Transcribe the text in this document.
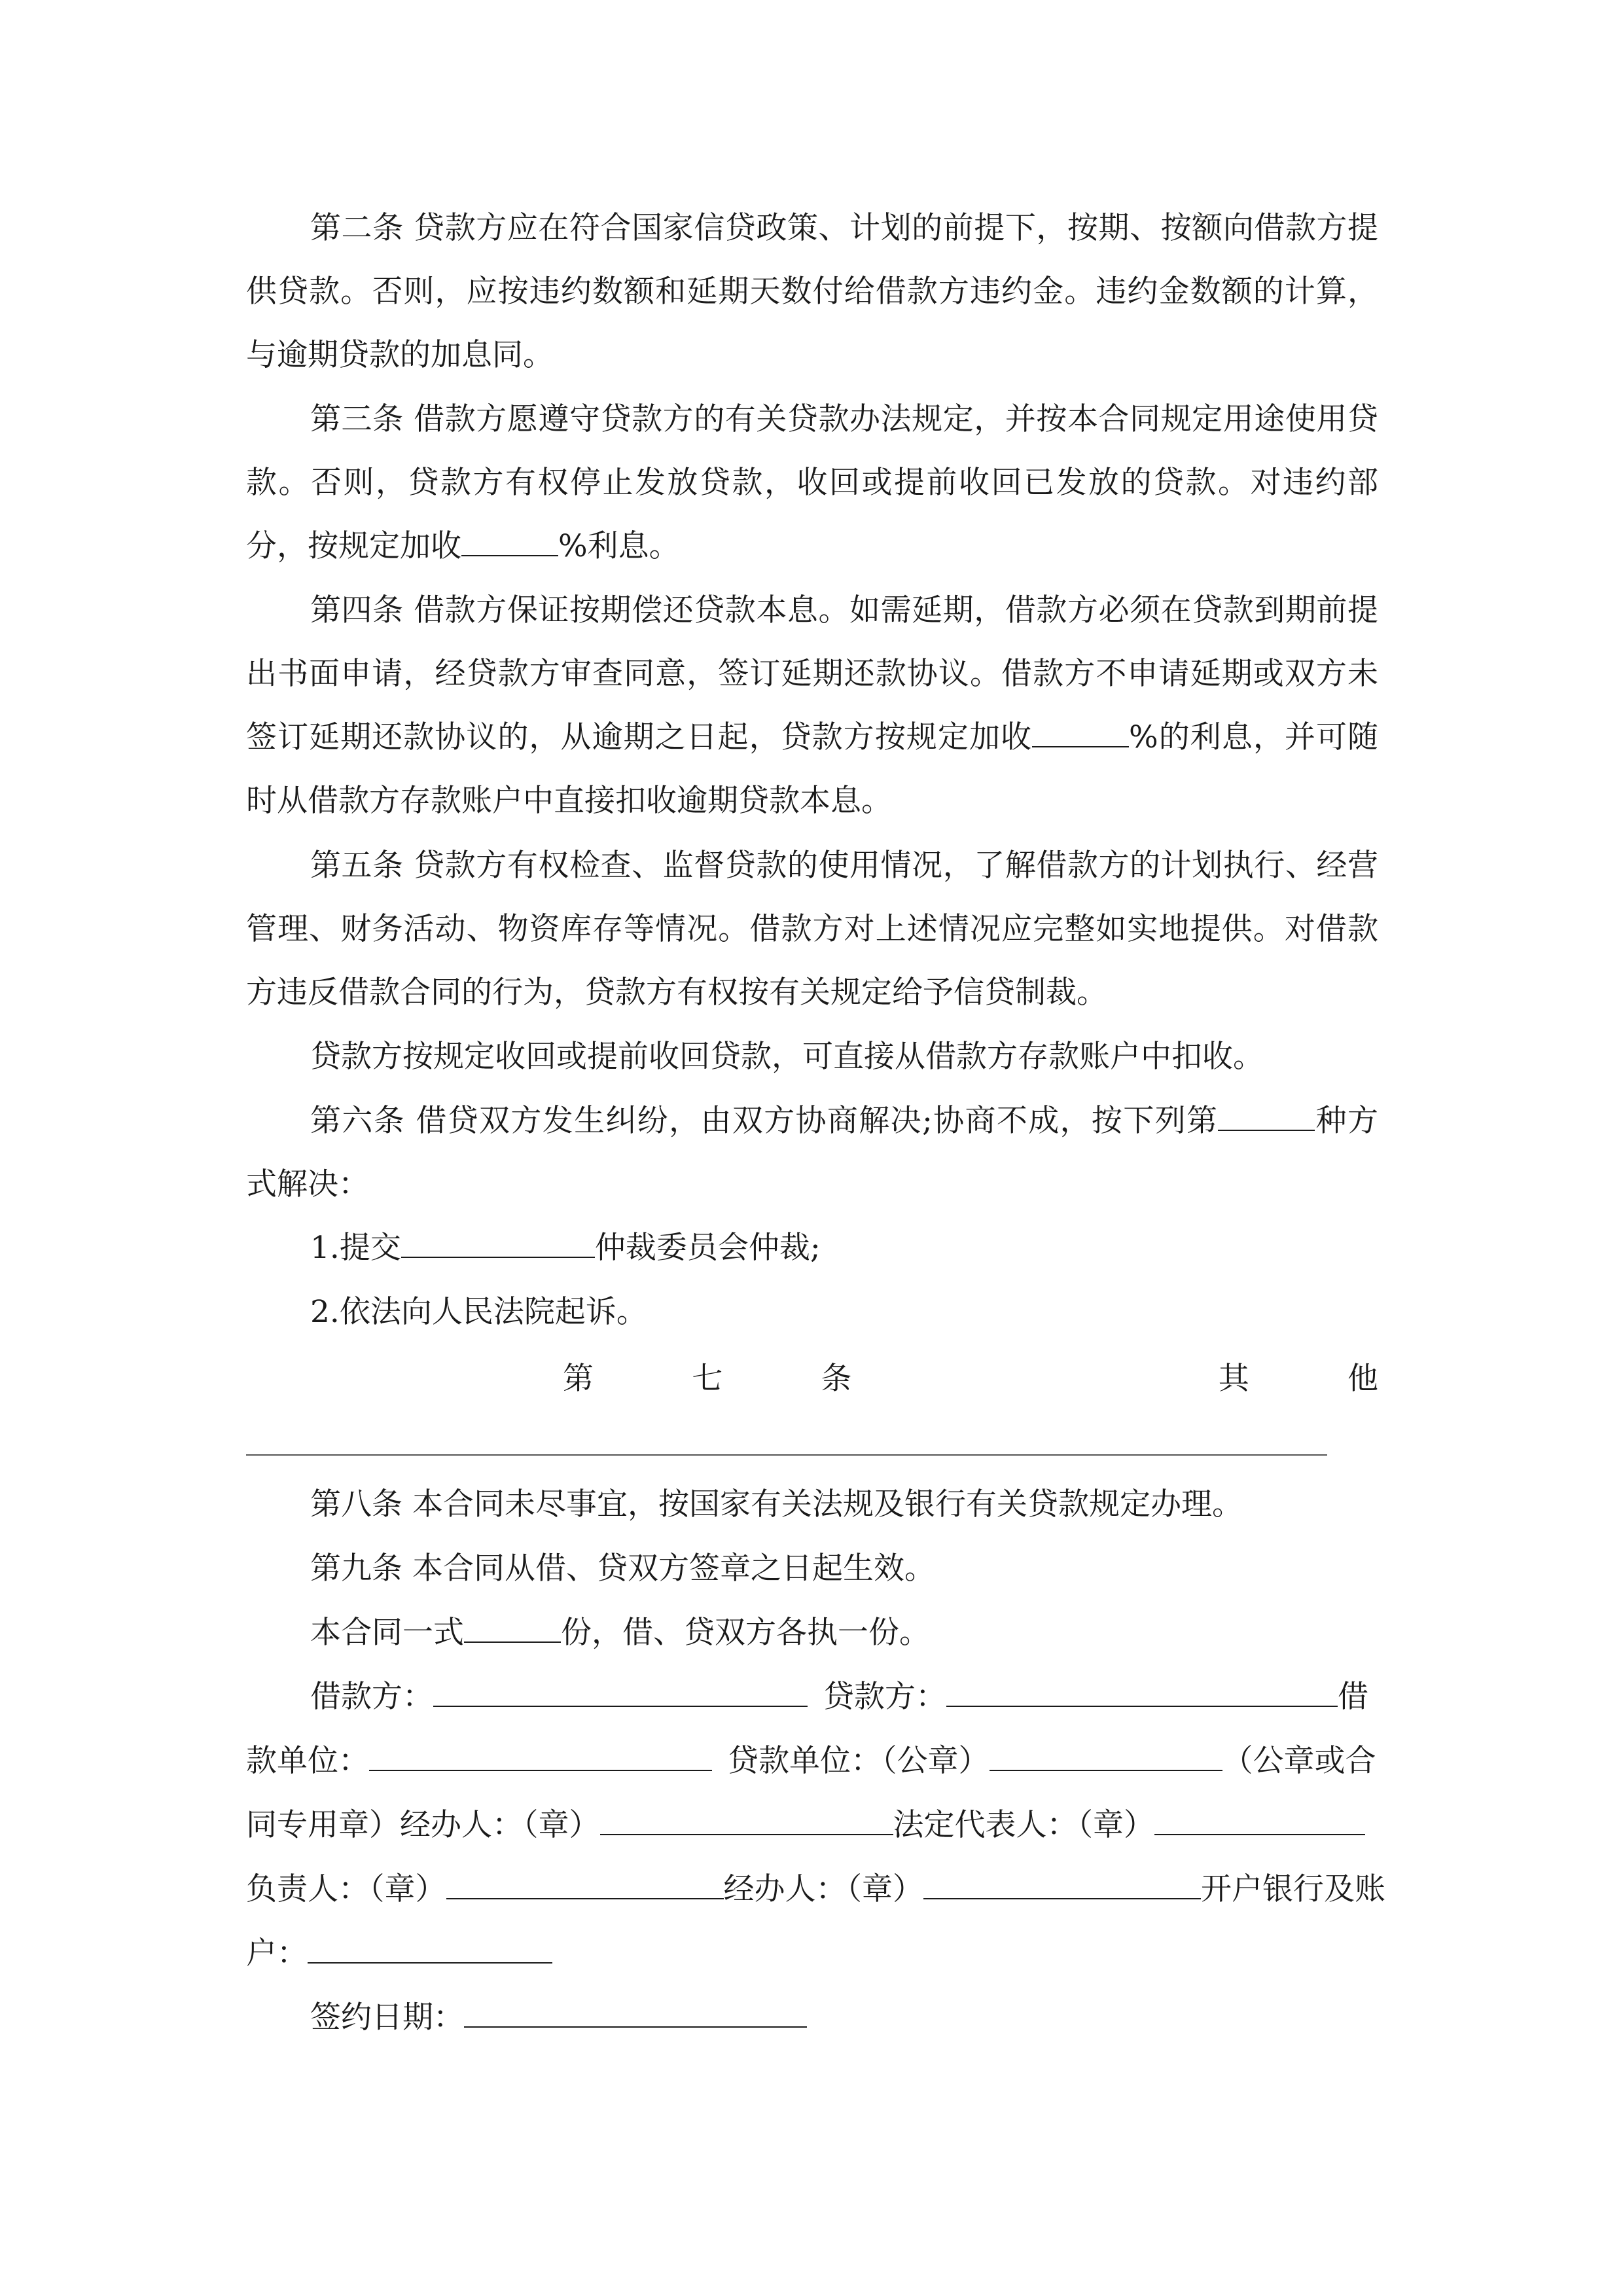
第二条 贷款方应在符合国家信贷政策、计划的前提下，按期、按额向借款方提供贷款。否则，应按违约数额和延期天数付给借款方违约金。违约金数额的计算，与逾期贷款的加息同。

第三条 借款方愿遵守贷款方的有关贷款办法规定，并按本合同规定用途使用贷款。否则，贷款方有权停止发放贷款，收回或提前收回已发放的贷款。对违约部分，按规定加收	%利息。

第四条 借款方保证按期偿还贷款本息。如需延期，借款方必须在贷款到期前提出书面申请，经贷款方审查同意，签订延期还款协议。借款方不申请延期或双方未签订延期还款协议的，从逾期之日起，贷款方按规定加收	%的利息，并可随时从借款方存款账户中直接扣收逾期贷款本息。

第五条 贷款方有权检查、监督贷款的使用情况，了解借款方的计划执行、经营管理、财务活动、物资库存等情况。借款方对上述情况应完整如实地提供。对借款方违反借款合同的行为，贷款方有权按有关规定给予信贷制裁。

贷款方按规定收回或提前收回贷款，可直接从借款方存款账户中扣收。

第六条 借贷双方发生纠纷，由双方协商解决;协商不成，按下列第	种方式解决：

1.提交	仲裁委员会仲裁;

2.依法向人民法院起诉。

第	七	条	其	他

第八条 本合同未尽事宜，按国家有关法规及银行有关贷款规定办理。

第九条 本合同从借、贷双方签章之日起生效。

本合同一式	份，借、贷双方各执一份。

借款方：	贷款方：	借

款单位：	贷款单位：（公章）	（公章或合

同专用章）经办人：（章）	法定代表人：（章）

负责人：（章）	经办人：（章）	开户银行及账

户：

签约日期：
